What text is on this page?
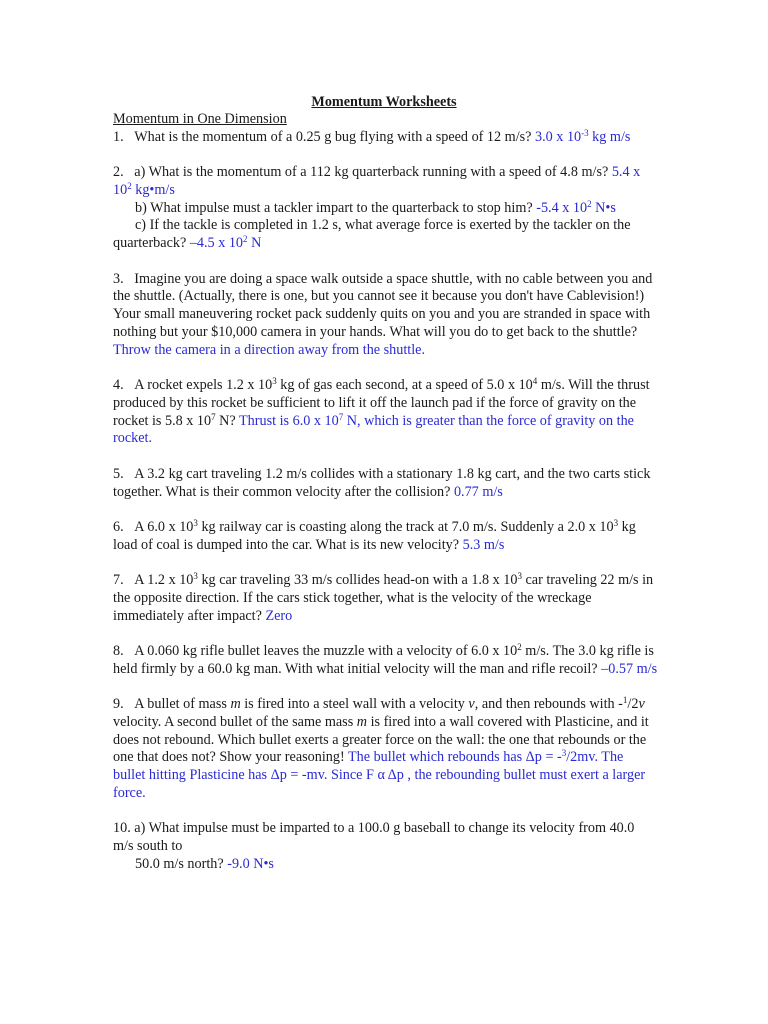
Momentum Worksheets
Momentum in One Dimension
1.   What is the momentum of a 0.25 g bug flying with a speed of 12 m/s? 3.0 x $10^{-3}$ kg m/s
2.   a) What is the momentum of a 112 kg quarterback running with a speed of 4.8 m/s? 5.4 x $10^2$ kg•m/s
b) What impulse must a tackler impart to the quarterback to stop him? -5.4 x $10^2$ N•s
c) If the tackle is completed in 1.2 s, what average force is exerted by the tackler on the quarterback? –4.5 x $10^2$ N
3.   Imagine you are doing a space walk outside a space shuttle, with no cable between you and the shuttle. (Actually, there is one, but you cannot see it because you don't have Cablevision!) Your small maneuvering rocket pack suddenly quits on you and you are stranded in space with nothing but your $10,000 camera in your hands. What will you do to get back to the shuttle? Throw the camera in a direction away from the shuttle.
4.   A rocket expels 1.2 x $10^3$ kg of gas each second, at a speed of 5.0 x $10^4$ m/s. Will the thrust produced by this rocket be sufficient to lift it off the launch pad if the force of gravity on the rocket is 5.8 x $10^7$ N? Thrust is 6.0 x $10^7$ N, which is greater than the force of gravity on the rocket.
5.   A 3.2 kg cart traveling 1.2 m/s collides with a stationary 1.8 kg cart, and the two carts stick together. What is their common velocity after the collision? 0.77 m/s
6.   A 6.0 x $10^3$ kg railway car is coasting along the track at 7.0 m/s. Suddenly a 2.0 x $10^3$ kg load of coal is dumped into the car. What is its new velocity? 5.3 m/s
7.   A 1.2 x $10^3$ kg car traveling 33 m/s collides head-on with a 1.8 x $10^3$ car traveling 22 m/s in the opposite direction. If the cars stick together, what is the velocity of the wreckage immediately after impact? Zero
8.   A 0.060 kg rifle bullet leaves the muzzle with a velocity of 6.0 x $10^2$ m/s. The 3.0 kg rifle is held firmly by a 60.0 kg man. With what initial velocity will the man and rifle recoil? –0.57 m/s
9.   A bullet of mass m is fired into a steel wall with a velocity v, and then rebounds with -$^1$/2v velocity. A second bullet of the same mass m is fired into a wall covered with Plasticine, and it does not rebound. Which bullet exerts a greater force on the wall: the one that rebounds or the one that does not? Show your reasoning! The bullet which rebounds has Δp = -$^3$/2mv. The bullet hitting Plasticine has Δp = -mv. Since F α Δp , the rebounding bullet must exert a larger force.
10. a) What impulse must be imparted to a 100.0 g baseball to change its velocity from 40.0 m/s south to
50.0 m/s north? -9.0 N•s
